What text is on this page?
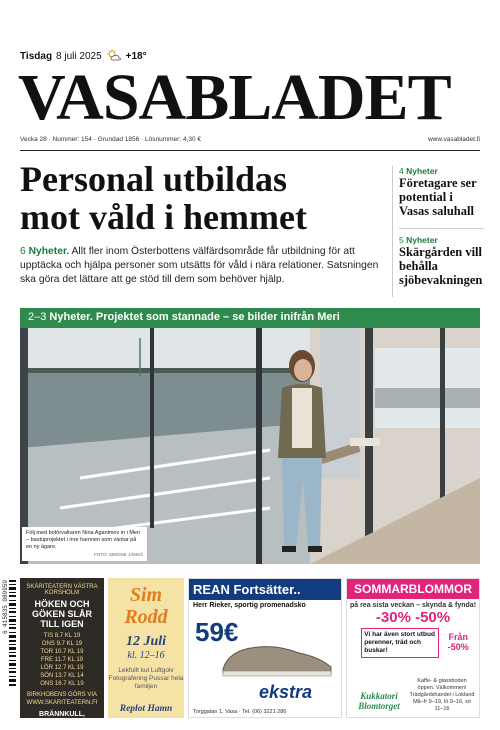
Tisdag 8 juli 2025 +18°
VASABLADET
Vecka 28 · Nummer: 154 · Grundad 1856 · Lösnummer: 4,30 €	www.vasabladet.fi
Personal utbildas
mot våld i hemmet
6 Nyheter. Allt fler inom Österbottens välfärdsområde får utbildning för att upptäcka och hjälpa personer som utsätts för våld i nära relationer. Satsningen ska göra det lättare att ge stöd till dem som behöver hjälp.
4 Nyheter
Företagare ser potential i Vasas saluhall
5 Nyheter
Skärgården vill behålla sjöbevakningen
2–3 Nyheter. Projektet som stannade – se bilder inifrån Meri
Följ med boförvaltaren Nina Aganimov in i Meri – bastuprojektet i inre hamnen som väntar på en ny ägare.
FOTO: SIMONE JÄMSÄ
SKÄRITEATERN VÄSTRA KORSHOLM
HÖKEN OCH GÖKEN SLÅR TILL IGEN
TIS 8.7 KL 19
ONS 9.7 KL 19
TOR 10.7 KL 19
FRE 11.7 KL 19
LÖR 12.7 KL 19
SÖN 13.7 KL 14
ONS 16.7 KL 19
BIRKHOBENS GÖRS VIA WWW.SKARITEATERN.FI
BRÄNNKULL, REPLOT
Sim
Rodd
12 Juli
kl. 12–16
Lekfullt kul Luftgolv Fotografering Pussar hela familjen
Replot Hamn
REAN Fortsätter..
Herr Rieker, sportig promenadsko
59€
ekstra
Torggatan 1, Vasa · Tel. (06) 3221 286
SOMMARBLOMMOR
på rea sista veckan – skynda & fynda!
-30% -50%
Vi har även stort utbud perenner, träd och buskar! Från
-50%
Kukkatori Blomtorget
Kaffe- & glassboden öppen. Välkommen! Trädgårdshandel i Lokland Må–fr 9–19, lö 9–16, sö 11–16
6 415835 089950
